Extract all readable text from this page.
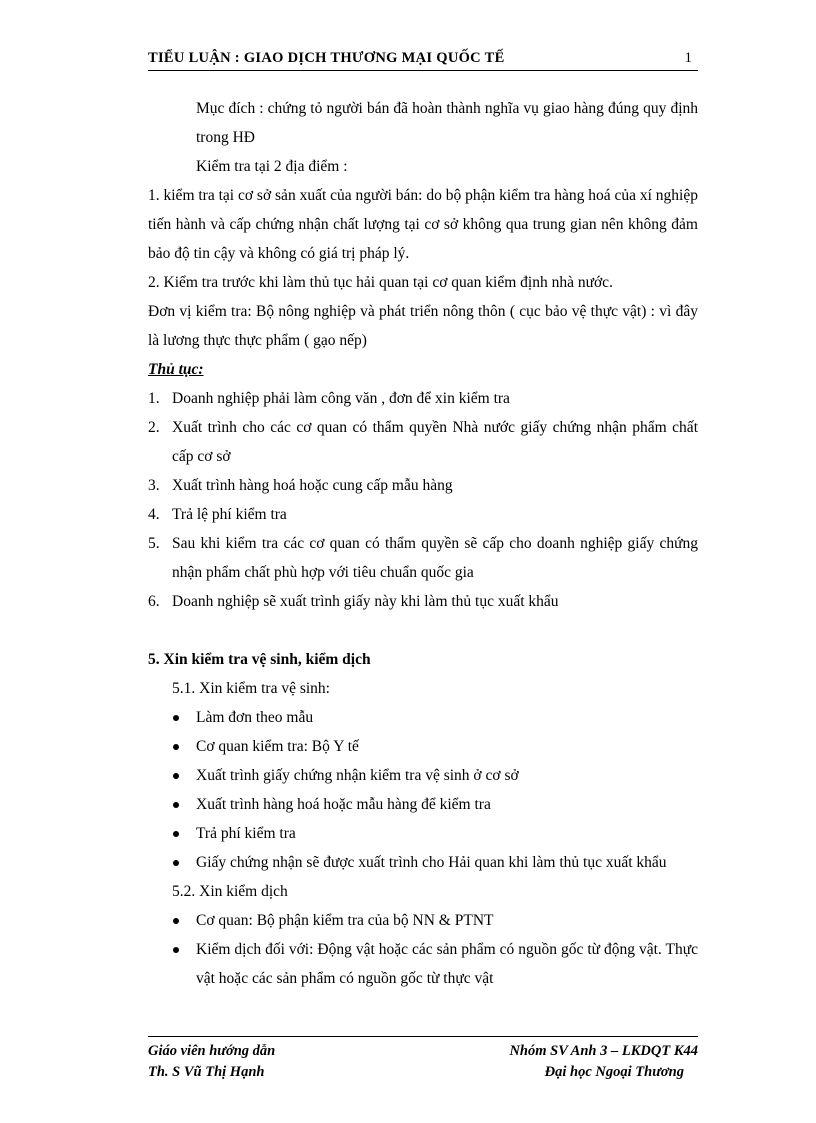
TIỂU LUẬN : GIAO DỊCH THƯƠNG MẠI QUỐC TẾ	1

Mục đích : chứng tỏ người bán đã hoàn thành nghĩa vụ giao hàng đúng quy định trong HĐ

Kiểm tra tại 2 địa điểm :

1. kiểm tra tại cơ sở sản xuất của người bán: do bộ phận kiểm tra hàng hoá của xí nghiệp tiến hành và cấp chứng nhận chất lượng tại cơ sở không qua trung gian nên không đảm bảo độ tin cậy và không có giá trị pháp lý.

2. Kiểm tra trước khi làm thủ tục hải quan tại cơ quan kiểm định nhà nước.

Đơn vị kiểm tra: Bộ nông nghiệp và phát triển nông thôn ( cục bảo vệ thực vật) : vì đây là lương thực thực phẩm ( gạo nếp)

Thủ tục:

1. Doanh nghiệp phải làm công văn , đơn để xin kiểm tra
2. Xuất trình cho các cơ quan có thẩm quyền Nhà nước giấy chứng nhận phẩm chất cấp cơ sở
3. Xuất trình hàng hoá hoặc cung cấp mẫu hàng
4. Trả lệ phí kiểm tra
5. Sau khi kiểm tra các cơ quan có thẩm quyền sẽ cấp cho doanh nghiệp giấy chứng nhận phẩm chất phù hợp với tiêu chuẩn quốc gia
6. Doanh nghiệp sẽ xuất trình giấy này khi làm thủ tục xuất khẩu

5. Xin kiểm tra vệ sinh, kiểm dịch

5.1. Xin kiểm tra vệ sinh:

Làm đơn theo mẫu
Cơ quan kiểm tra: Bộ Y tế
Xuất trình giấy chứng nhận kiểm tra vệ sinh ở cơ sở
Xuất trình hàng hoá hoặc mẫu hàng để kiểm tra
Trả phí kiểm tra
Giấy chứng nhận sẽ được xuất trình cho Hải quan khi làm thủ tục xuất khẩu

5.2. Xin kiểm dịch

Cơ quan: Bộ phận kiểm tra của bộ NN & PTNT
Kiểm dịch đối với: Động vật hoặc các sản phẩm có nguồn gốc từ động vật. Thực vật hoặc các sản phẩm có nguồn gốc từ thực vật
Giáo viên hướng dẫn	Nhóm SV Anh 3 – LKDQT K44
Th. S Vũ Thị Hạnh	Đại học Ngoại Thương
